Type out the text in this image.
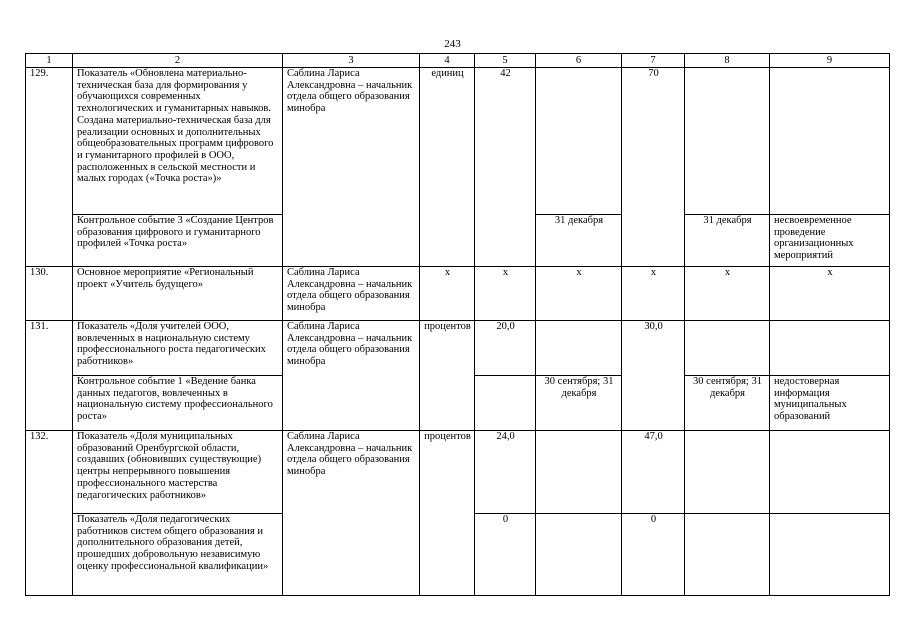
243
1	2	3	4	5	6	7	8	9
129.	Показатель «Обновлена материально-техническая база для формирования у обучающихся современных технологических и гуманитарных навыков. Создана материально-техническая база для реализации основных и дополнительных общеобразовательных программ цифрового и гуманитарного профилей в ООО, расположенных в сельской местности и малых городах («Точка роста»)»	Саблина Лариса Александровна – начальник отдела общего образования минобра	единиц	42		70		
	Контрольное событие 3 «Создание Центров образования цифрового и гуманитарного профилей «Точка роста»				31 декабря		31 декабря	несвоевременное проведение организационных мероприятий
130.	Основное мероприятие «Региональный проект «Учитель будущего»	Саблина Лариса Александровна – начальник отдела общего образования минобра	х	х	х	х	х	х
131.	Показатель «Доля учителей ООО, вовлеченных в национальную систему профессионального роста педагогических работников»	Саблина Лариса Александровна – начальник отдела общего образования минобра	процентов	20,0		30,0		
	Контрольное событие 1 «Ведение банка данных педагогов, вовлеченных в национальную систему профессионального роста»				30 сентября; 31 декабря		30 сентября; 31 декабря	недостоверная информация муниципальных образований
132.	Показатель «Доля муниципальных образований Оренбургской области, создавших (обновивших существующие) центры непрерывного повышения профессионального мастерства педагогических работников»	Саблина Лариса Александровна – начальник отдела общего образования минобра	процентов	24,0		47,0		
	Показатель «Доля педагогических работников систем общего образования и дополнительного образования детей, прошедших добровольную независимую оценку профессиональной квалификации»			0		0		
